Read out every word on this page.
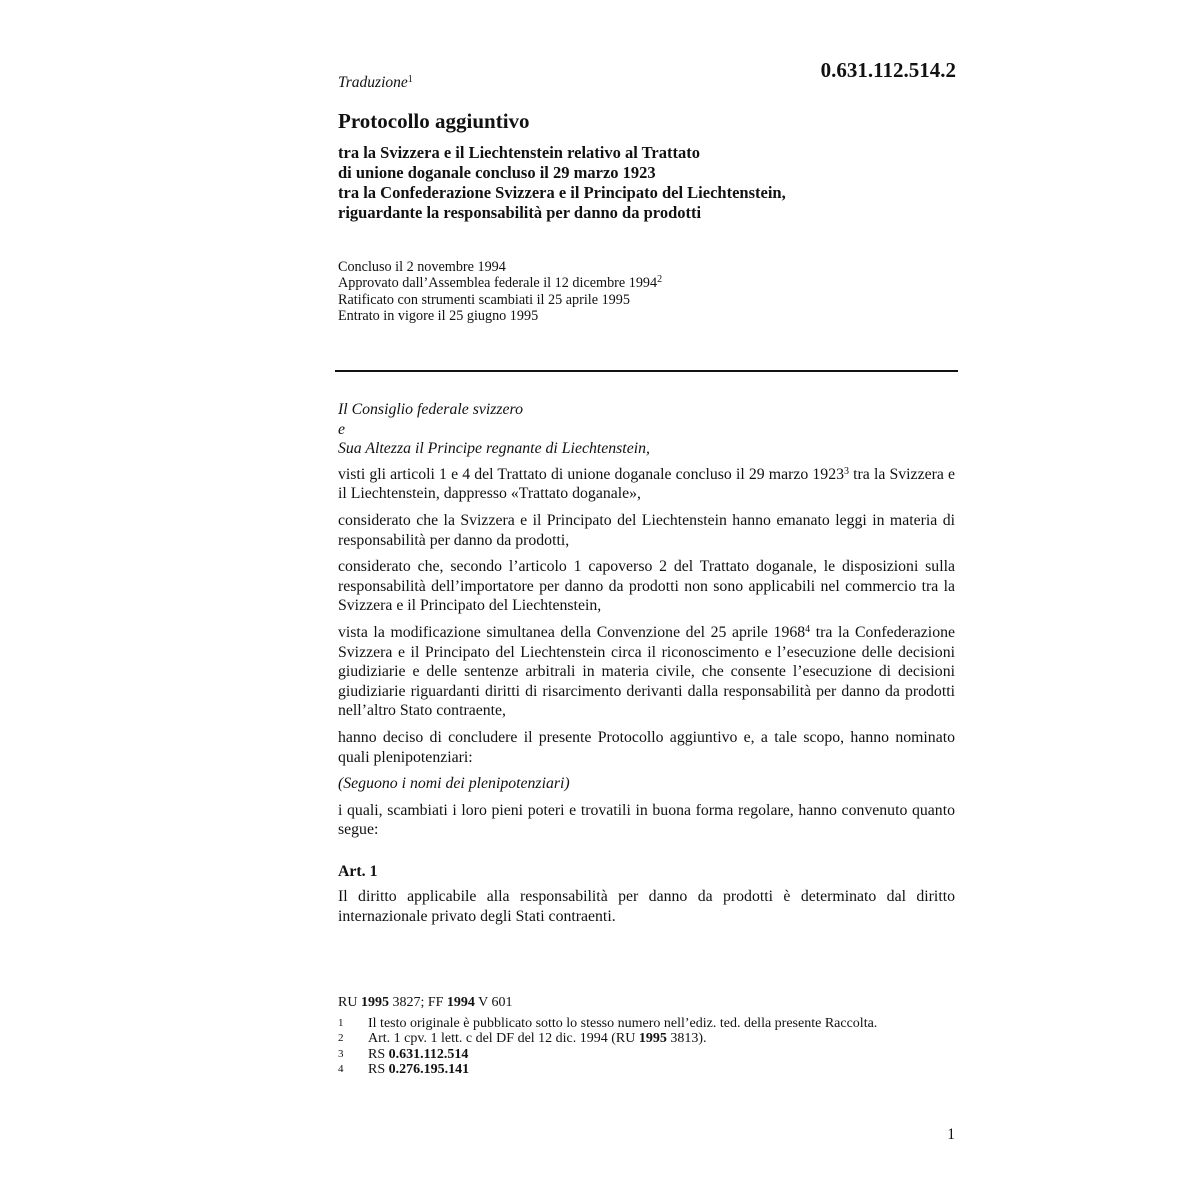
0.631.112.514.2
Traduzione$^1$
Protocollo aggiuntivo
tra la Svizzera e il Liechtenstein relativo al Trattato
di unione doganale concluso il 29 marzo 1923
tra la Confederazione Svizzera e il Principato del Liechtenstein,
riguardante la responsabilità per danno da prodotti
Concluso il 2 novembre 1994
Approvato dall’Assemblea federale il 12 dicembre 1994$^2$
Ratificato con strumenti scambiati il 25 aprile 1995
Entrato in vigore il 25 giugno 1995
Il Consiglio federale svizzero
e
Sua Altezza il Principe regnante di Liechtenstein,

visti gli articoli 1 e 4 del Trattato di unione doganale concluso il 29 marzo 1923$^3$ tra la Svizzera e il Liechtenstein, dappresso «Trattato doganale»,

considerato che la Svizzera e il Principato del Liechtenstein hanno emanato leggi in materia di responsabilità per danno da prodotti,

considerato che, secondo l’articolo 1 capoverso 2 del Trattato doganale, le disposizioni sulla responsabilità dell’importatore per danno da prodotti non sono applicabili nel commercio tra la Svizzera e il Principato del Liechtenstein,

vista la modificazione simultanea della Convenzione del 25 aprile 1968$^4$ tra la Confederazione Svizzera e il Principato del Liechtenstein circa il riconoscimento e l’esecuzione delle decisioni giudiziarie e delle sentenze arbitrali in materia civile, che consente l’esecuzione di decisioni giudiziarie riguardanti diritti di risarcimento derivanti dalla responsabilità per danno da prodotti nell’altro Stato contraente,

hanno deciso di concludere il presente Protocollo aggiuntivo e, a tale scopo, hanno nominato quali plenipotenziari:

(Seguono i nomi dei plenipotenziari)

i quali, scambiati i loro pieni poteri e trovatili in buona forma regolare, hanno convenuto quanto segue:

Art. 1

Il diritto applicabile alla responsabilità per danno da prodotti è determinato dal diritto internazionale privato degli Stati contraenti.

RU 1995 3827; FF 1994 V 601
1	Il testo originale è pubblicato sotto lo stesso numero nell’ediz. ted. della presente Raccolta.
2	Art. 1 cpv. 1 lett. c del DF del 12 dic. 1994 (RU 1995 3813).
3	RS 0.631.112.514
4	RS 0.276.195.141
1
